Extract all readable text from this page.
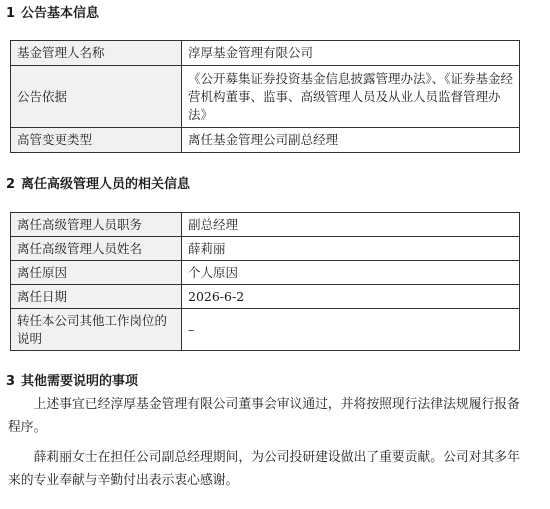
1 公告基本信息
基金管理人名称	淳厚基金管理有限公司
公告依据	《公开募集证券投资基金信息披露管理办法》、《证券基金经营机构董事、监事、高级管理人员及从业人员监督管理办法》
高管变更类型	离任基金管理公司副总经理
2 离任高级管理人员的相关信息
离任高级管理人员职务	副总经理
离任高级管理人员姓名	薛莉丽
离任原因	个人原因
离任日期	2026-6-2
转任本公司其他工作岗位的说明	–
3 其他需要说明的事项

上述事宜已经淳厚基金管理有限公司董事会审议通过，并将按照现行法律法规履行报备程序。

薛莉丽女士在担任公司副总经理期间，为公司投研建设做出了重要贡献。公司对其多年来的专业奉献与辛勤付出表示衷心感谢。
